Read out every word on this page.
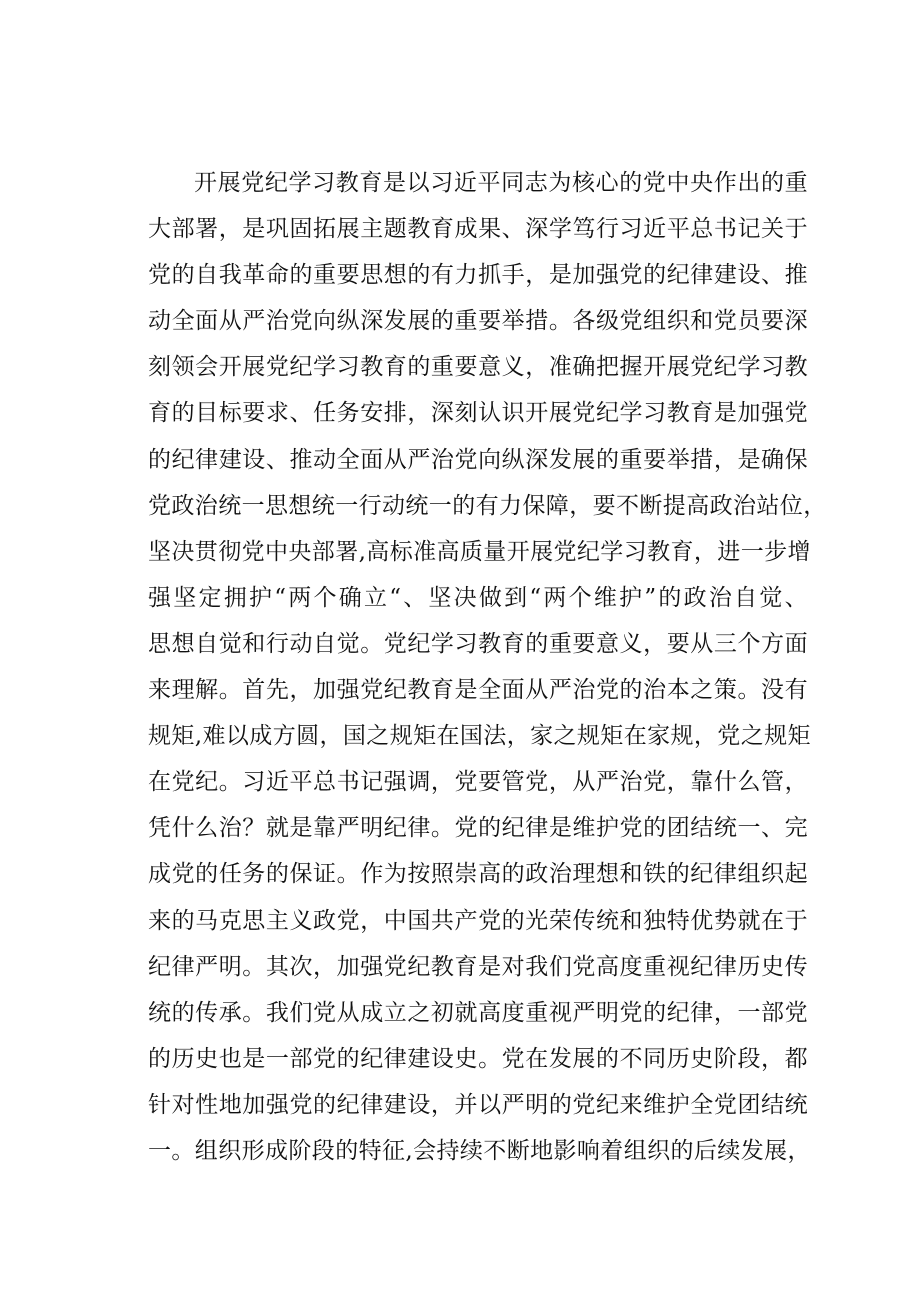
开展党纪学习教育是以习近平同志为核心的党中央作出的重
大部署，是巩固拓展主题教育成果、深学笃行习近平总书记关于
党的自我革命的重要思想的有力抓手，是加强党的纪律建设、推
动全面从严治党向纵深发展的重要举措。各级党组织和党员要深
刻领会开展党纪学习教育的重要意义，准确把握开展党纪学习教
育的目标要求、任务安排，深刻认识开展党纪学习教育是加强党
的纪律建设、推动全面从严治党向纵深发展的重要举措，是确保
党政治统一思想统一行动统一的有力保障，要不断提高政治站位，
坚决贯彻党中央部署,高标准高质量开展党纪学习教育，进一步增
强坚定拥护“两个确立“、坚决做到“两个维护”的政治自觉、
思想自觉和行动自觉。党纪学习教育的重要意义，要从三个方面
来理解。首先，加强党纪教育是全面从严治党的治本之策。没有
规矩,难以成方圆，国之规矩在国法，家之规矩在家规，党之规矩
在党纪。习近平总书记强调，党要管党，从严治党，靠什么管，
凭什么治？就是靠严明纪律。党的纪律是维护党的团结统一、完
成党的任务的保证。作为按照崇高的政治理想和铁的纪律组织起
来的马克思主义政党，中国共产党的光荣传统和独特优势就在于
纪律严明。其次，加强党纪教育是对我们党高度重视纪律历史传
统的传承。我们党从成立之初就高度重视严明党的纪律，一部党
的历史也是一部党的纪律建设史。党在发展的不同历史阶段，都
针对性地加强党的纪律建设，并以严明的党纪来维护全党团结统
一。组织形成阶段的特征,会持续不断地影响着组织的后续发展，
